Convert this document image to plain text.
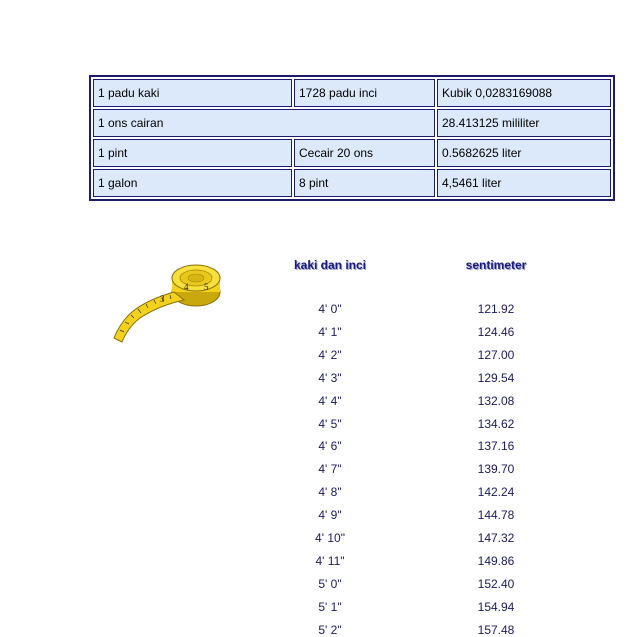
1 padu kaki	1728 padu inci	Kubik 0,0283169088
1 ons cairan		28.413125 mililiter
1 pint	Cecair 20 ons	0.5682625 liter
1 galon	8 pint	4,5461 liter
3
4 5
kaki dan inci	sentimeter
4' 0"	121.92
4' 1"	124.46
4' 2"	127.00
4' 3"	129.54
4' 4"	132.08
4' 5"	134.62
4' 6"	137.16
4' 7"	139.70
4' 8"	142.24
4' 9"	144.78
4' 10"	147.32
4' 11"	149.86
5' 0"	152.40
5' 1"	154.94
5' 2"	157.48
